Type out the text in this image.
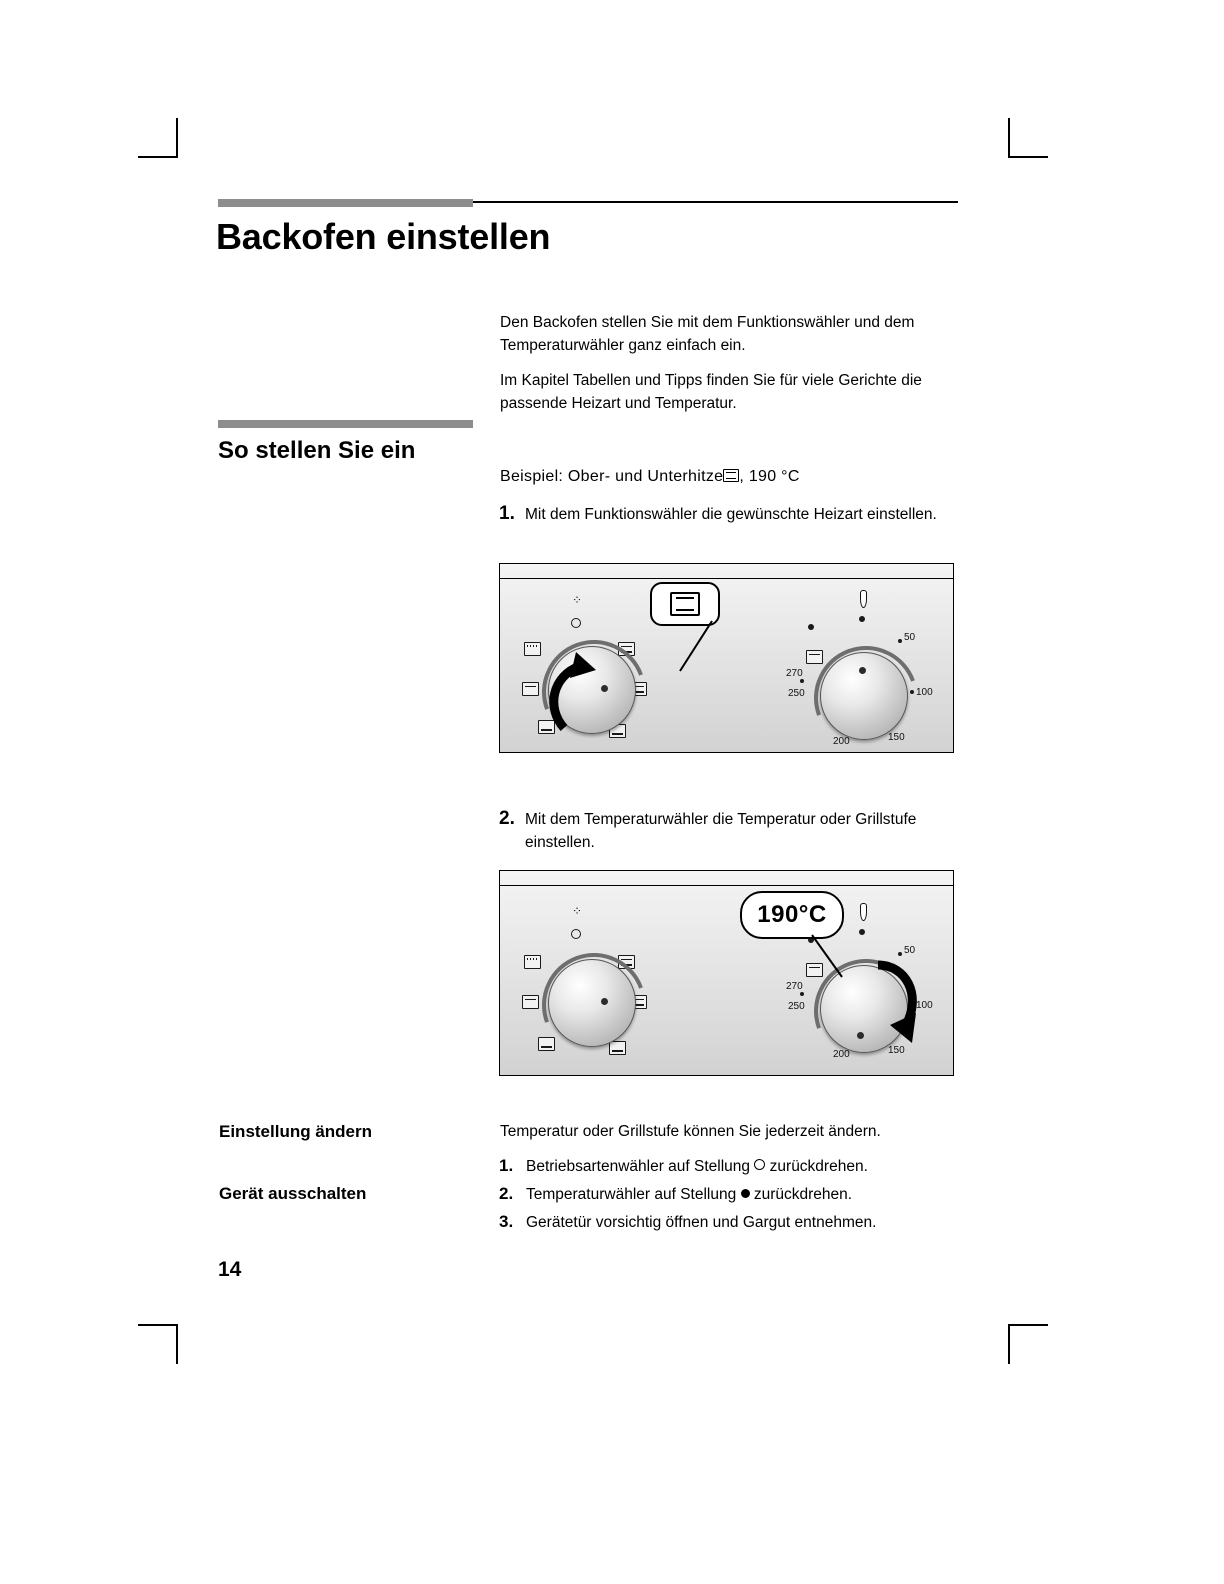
Backofen einstellen

Den Backofen stellen Sie mit dem Funktionswähler und dem Temperaturwähler ganz einfach ein.

Im Kapitel Tabellen und Tipps finden Sie für viele Gerichte die passende Heizart und Temperatur.

So stellen Sie ein
Beispiel: Ober- und Unterhitze , 190 °C
1. Mit dem Funktionswähler die gewünschte Heizart einstellen.
⁘
270
250
50
100
150
200
2. Mit dem Temperaturwähler die Temperatur oder Grillstufe einstellen.
⁘
270
250
50
100
150
200
190°C
Einstellung ändern
Gerät ausschalten
Temperatur oder Grillstufe können Sie jederzeit ändern.
1. Betriebsartenwähler auf Stellung zurückdrehen.
2. Temperaturwähler auf Stellung zurückdrehen.
3. Gerätetür vorsichtig öffnen und Gargut entnehmen.
14
